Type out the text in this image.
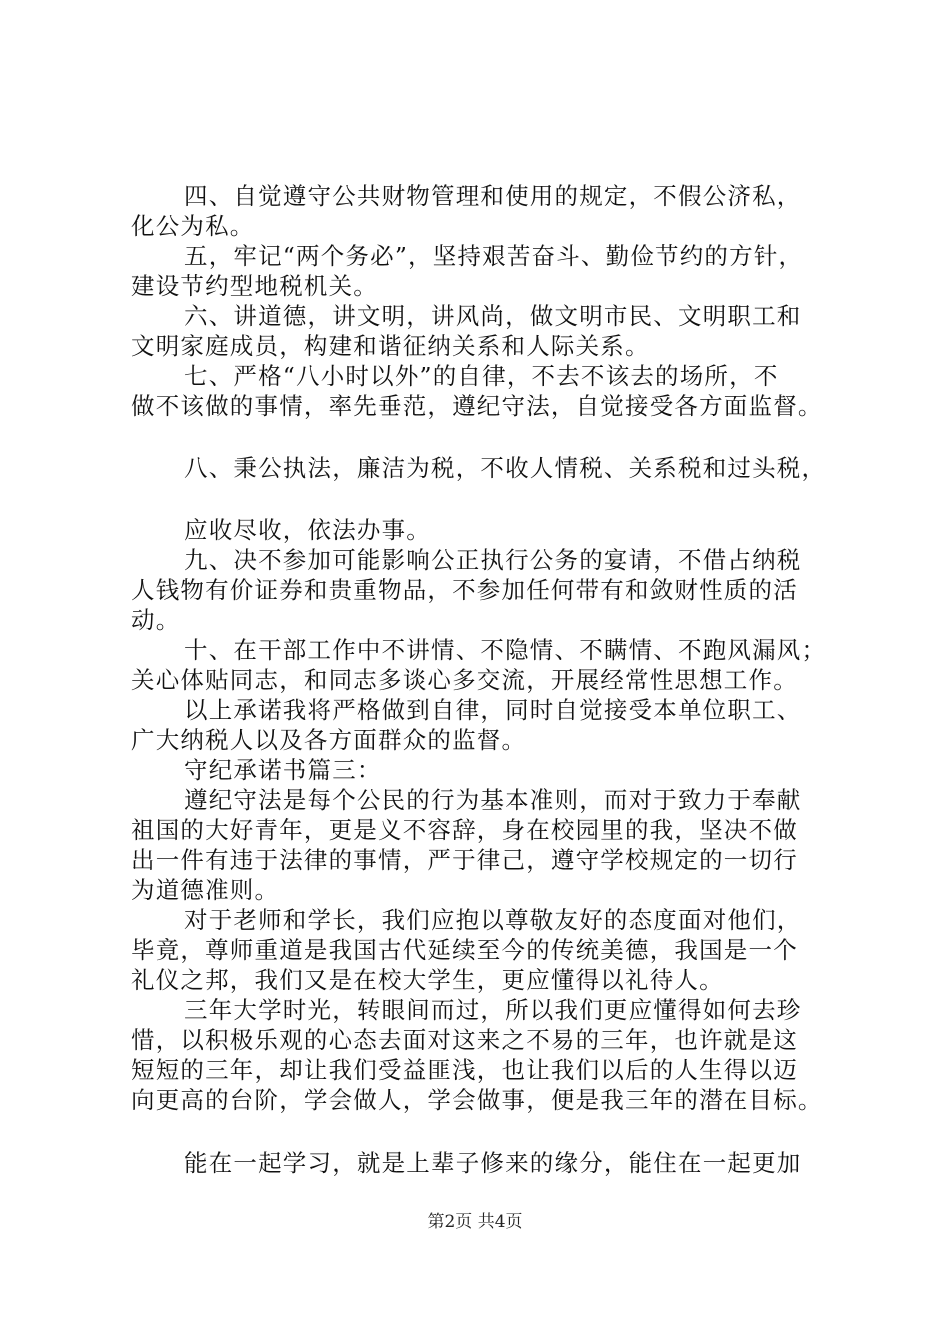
四、自觉遵守公共财物管理和使用的规定，不假公济私，
化公为私。
五，牢记“两个务必”，坚持艰苦奋斗、勤俭节约的方针，
建设节约型地税机关。
六、讲道德，讲文明，讲风尚，做文明市民、文明职工和
文明家庭成员，构建和谐征纳关系和人际关系。
七、严格“八小时以外”的自律，不去不该去的场所，不
做不该做的事情，率先垂范，遵纪守法，自觉接受各方面监督。
八、秉公执法，廉洁为税，不收人情税、关系税和过头税，
应收尽收，依法办事。
九、决不参加可能影响公正执行公务的宴请，不借占纳税
人钱物有价证券和贵重物品，不参加任何带有和敛财性质的活
动。
十、在干部工作中不讲情、不隐情、不瞒情、不跑风漏风；
关心体贴同志，和同志多谈心多交流，开展经常性思想工作。
以上承诺我将严格做到自律，同时自觉接受本单位职工、
广大纳税人以及各方面群众的监督。
守纪承诺书篇三：
遵纪守法是每个公民的行为基本准则，而对于致力于奉献
祖国的大好青年，更是义不容辞，身在校园里的我，坚决不做
出一件有违于法律的事情，严于律己，遵守学校规定的一切行
为道德准则。
对于老师和学长，我们应抱以尊敬友好的态度面对他们，
毕竟，尊师重道是我国古代延续至今的传统美德，我国是一个
礼仪之邦，我们又是在校大学生，更应懂得以礼待人。
三年大学时光，转眼间而过，所以我们更应懂得如何去珍
惜，以积极乐观的心态去面对这来之不易的三年，也许就是这
短短的三年，却让我们受益匪浅，也让我们以后的人生得以迈
向更高的台阶，学会做人，学会做事，便是我三年的潜在目标。
能在一起学习，就是上辈子修来的缘分，能住在一起更加
第2页 共4页
